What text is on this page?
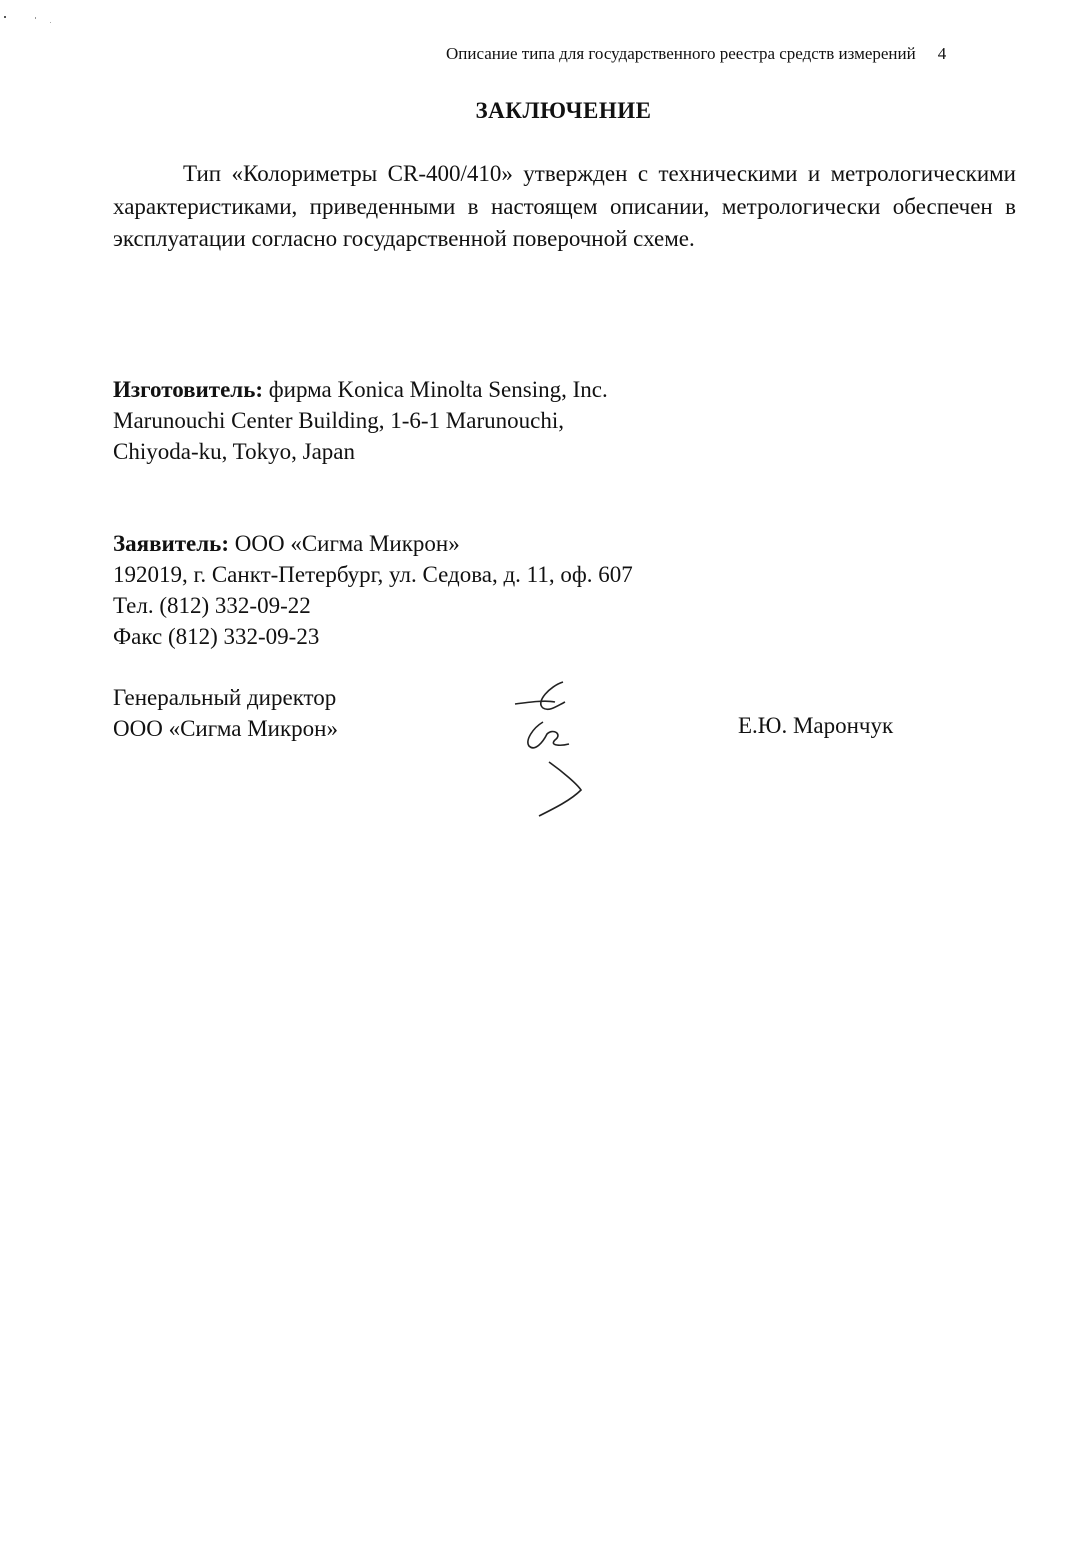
Описание типа для государственного реестра средств измерений 4
ЗАКЛЮЧЕНИЕ
Тип «Колориметры CR-400/410» утвержден с техническими и метрологическими характеристиками, приведенными в настоящем описании, метрологически обеспечен в эксплуатации согласно государственной поверочной схеме.
Изготовитель: фирма Konica Minolta Sensing, Inc.
Marunouchi Center Building, 1-6-1 Marunouchi,
Chiyoda-ku, Tokyo, Japan
Заявитель: ООО «Сигма Микрон»
192019, г. Санкт-Петербург, ул. Седова, д. 11, оф. 607
Тел. (812) 332-09-22
Факс (812) 332-09-23
Генеральный директор
ООО «Сигма Микрон»	Е.Ю. Марончук
